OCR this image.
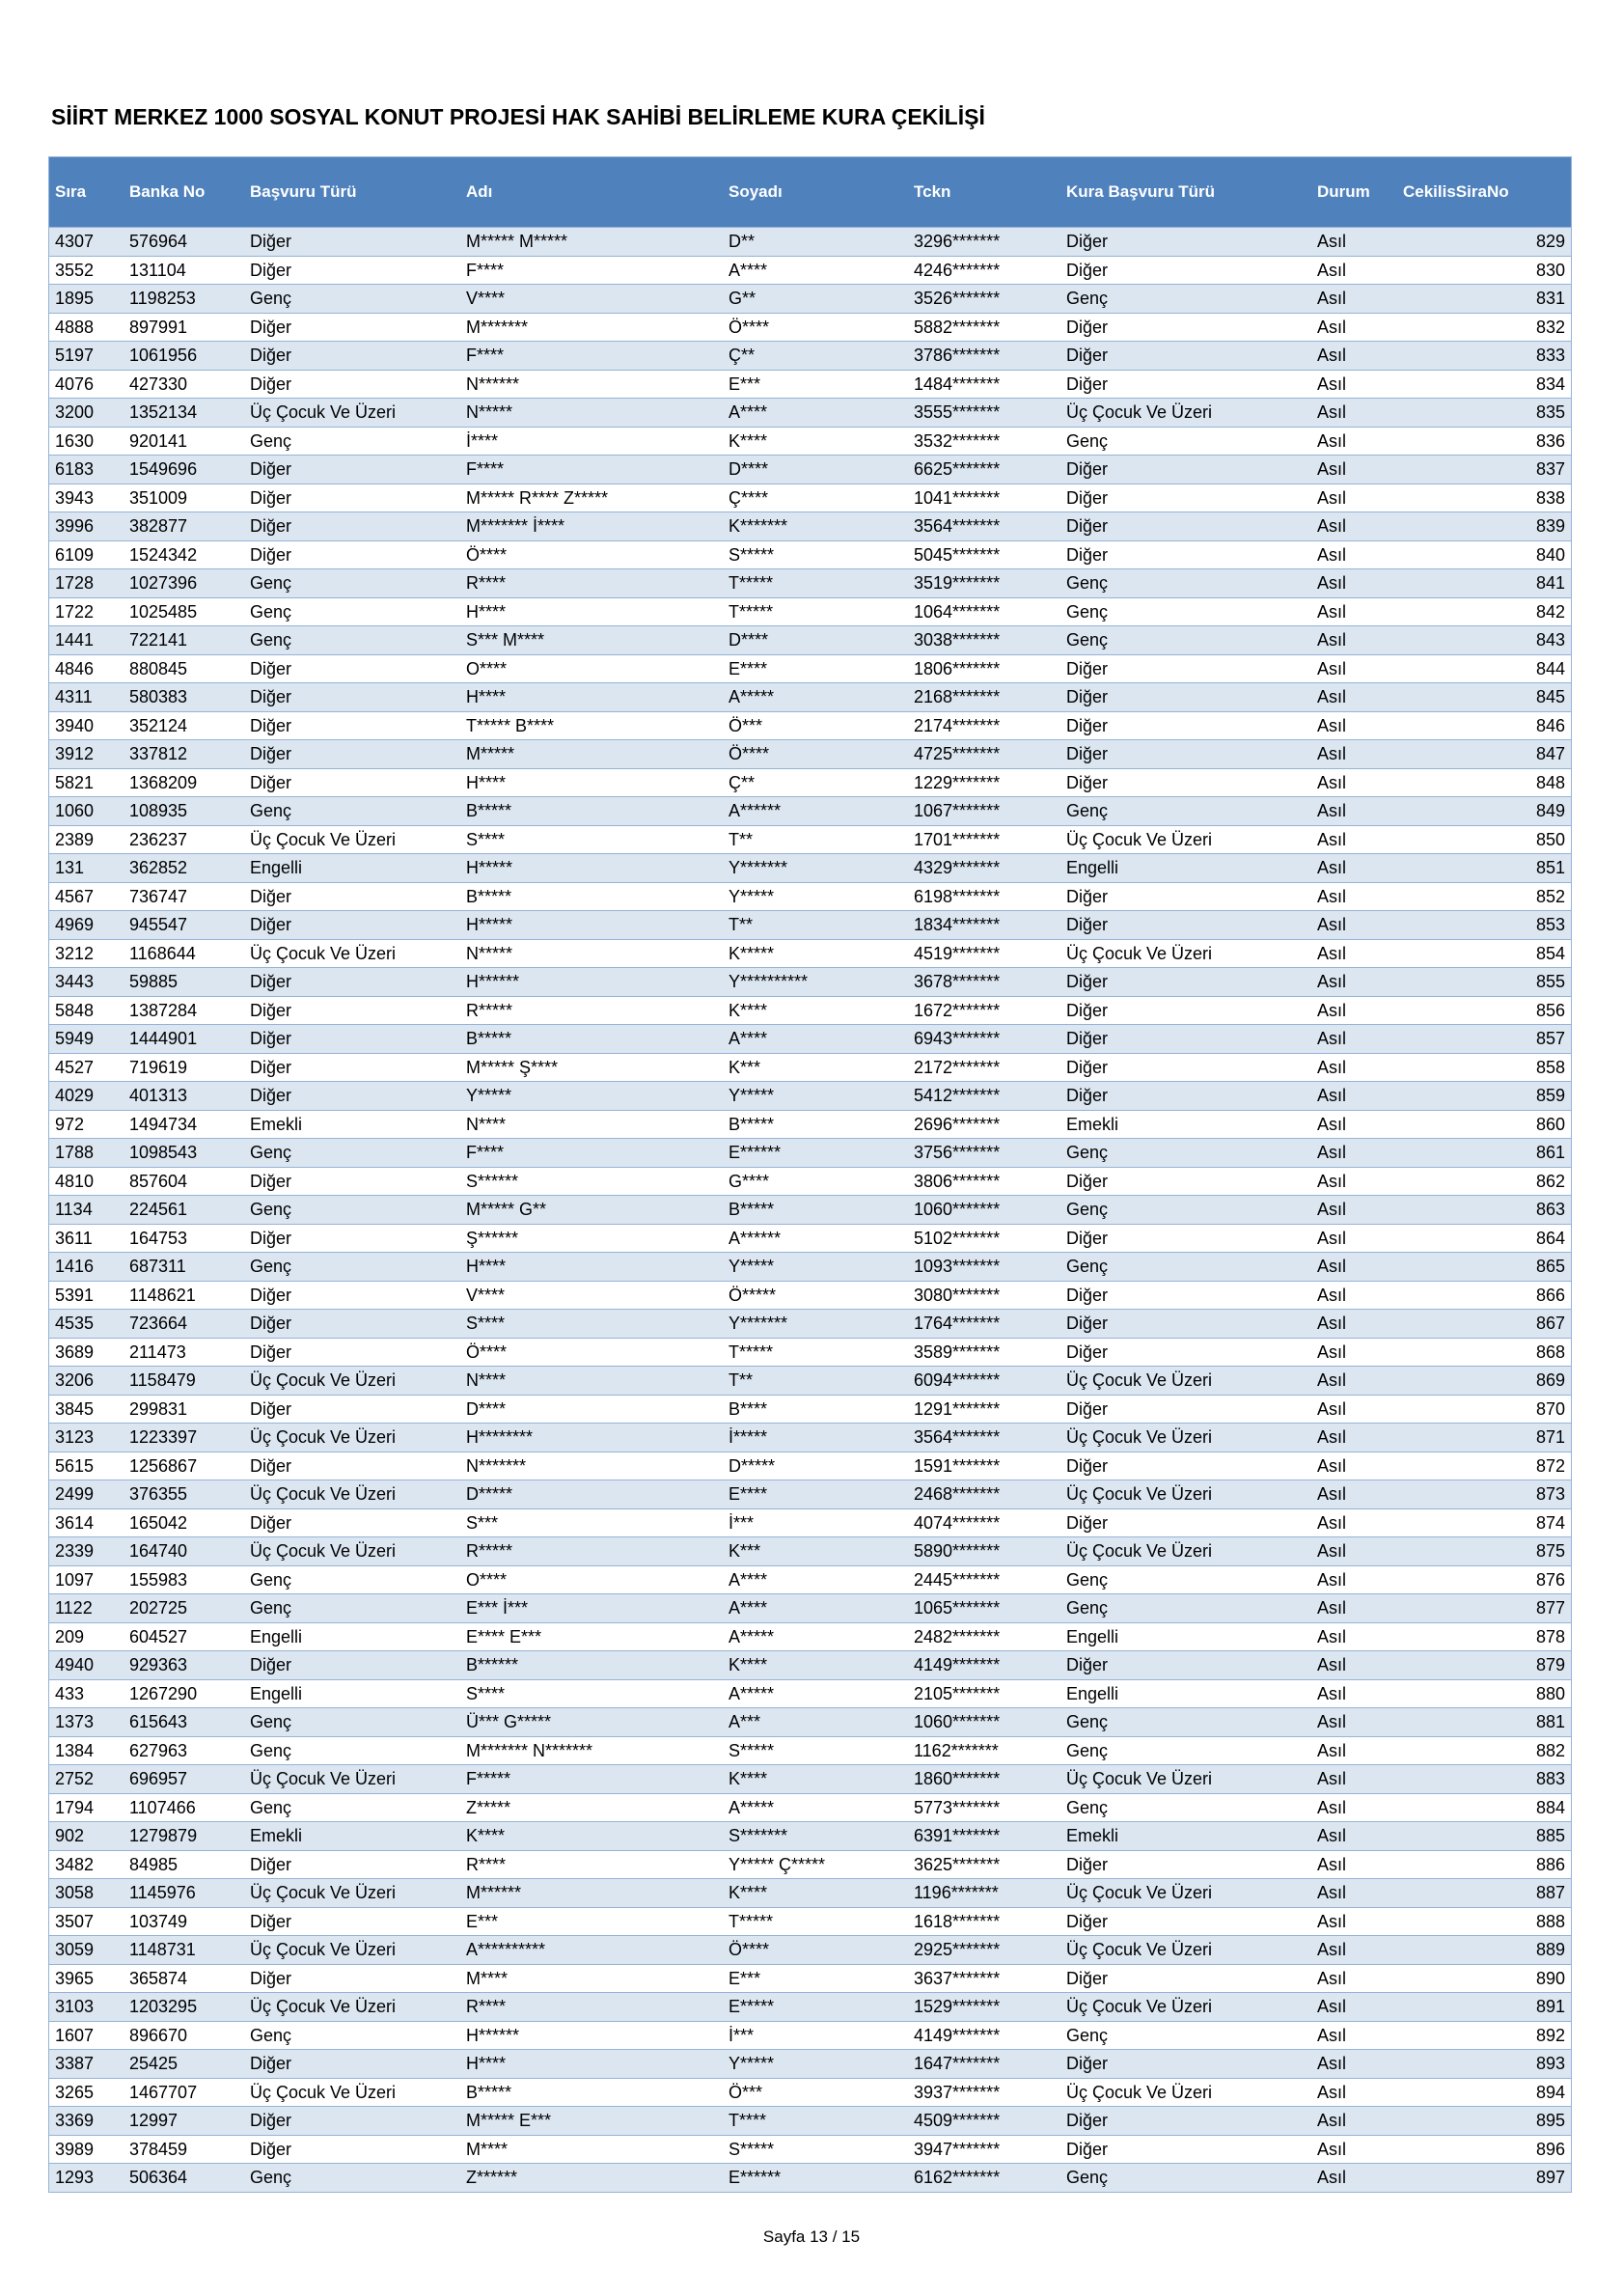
SİİRT MERKEZ 1000 SOSYAL KONUT PROJESİ HAK SAHİBİ BELİRLEME KURA ÇEKİLİŞİ
Sıra	Banka No	Başvuru Türü	Adı	Soyadı	Tckn	Kura Başvuru Türü	Durum	CekilisSiraNo
4307	576964	Diğer	M***** M*****	D**	3296*******	Diğer	Asıl	829
3552	131104	Diğer	F****	A****	4246*******	Diğer	Asıl	830
1895	1198253	Genç	V****	G**	3526*******	Genç	Asıl	831
4888	897991	Diğer	M*******	Ö****	5882*******	Diğer	Asıl	832
5197	1061956	Diğer	F****	Ç**	3786*******	Diğer	Asıl	833
4076	427330	Diğer	N******	E***	1484*******	Diğer	Asıl	834
3200	1352134	Üç Çocuk Ve Üzeri	N*****	A****	3555*******	Üç Çocuk Ve Üzeri	Asıl	835
1630	920141	Genç	İ****	K****	3532*******	Genç	Asıl	836
6183	1549696	Diğer	F****	D****	6625*******	Diğer	Asıl	837
3943	351009	Diğer	M***** R**** Z*****	Ç****	1041*******	Diğer	Asıl	838
3996	382877	Diğer	M******* İ****	K*******	3564*******	Diğer	Asıl	839
6109	1524342	Diğer	Ö****	S*****	5045*******	Diğer	Asıl	840
1728	1027396	Genç	R****	T*****	3519*******	Genç	Asıl	841
1722	1025485	Genç	H****	T*****	1064*******	Genç	Asıl	842
1441	722141	Genç	S*** M****	D****	3038*******	Genç	Asıl	843
4846	880845	Diğer	O****	E****	1806*******	Diğer	Asıl	844
4311	580383	Diğer	H****	A*****	2168*******	Diğer	Asıl	845
3940	352124	Diğer	T***** B****	Ö***	2174*******	Diğer	Asıl	846
3912	337812	Diğer	M*****	Ö****	4725*******	Diğer	Asıl	847
5821	1368209	Diğer	H****	Ç**	1229*******	Diğer	Asıl	848
1060	108935	Genç	B*****	A******	1067*******	Genç	Asıl	849
2389	236237	Üç Çocuk Ve Üzeri	S****	T**	1701*******	Üç Çocuk Ve Üzeri	Asıl	850
131	362852	Engelli	H*****	Y*******	4329*******	Engelli	Asıl	851
4567	736747	Diğer	B*****	Y*****	6198*******	Diğer	Asıl	852
4969	945547	Diğer	H*****	T**	1834*******	Diğer	Asıl	853
3212	1168644	Üç Çocuk Ve Üzeri	N*****	K*****	4519*******	Üç Çocuk Ve Üzeri	Asıl	854
3443	59885	Diğer	H******	Y**********	3678*******	Diğer	Asıl	855
5848	1387284	Diğer	R*****	K****	1672*******	Diğer	Asıl	856
5949	1444901	Diğer	B*****	A****	6943*******	Diğer	Asıl	857
4527	719619	Diğer	M***** Ş****	K***	2172*******	Diğer	Asıl	858
4029	401313	Diğer	Y*****	Y*****	5412*******	Diğer	Asıl	859
972	1494734	Emekli	N****	B*****	2696*******	Emekli	Asıl	860
1788	1098543	Genç	F****	E******	3756*******	Genç	Asıl	861
4810	857604	Diğer	S******	G****	3806*******	Diğer	Asıl	862
1134	224561	Genç	M***** G**	B*****	1060*******	Genç	Asıl	863
3611	164753	Diğer	Ş******	A******	5102*******	Diğer	Asıl	864
1416	687311	Genç	H****	Y*****	1093*******	Genç	Asıl	865
5391	1148621	Diğer	V****	Ö*****	3080*******	Diğer	Asıl	866
4535	723664	Diğer	S****	Y*******	1764*******	Diğer	Asıl	867
3689	211473	Diğer	Ö****	T*****	3589*******	Diğer	Asıl	868
3206	1158479	Üç Çocuk Ve Üzeri	N****	T**	6094*******	Üç Çocuk Ve Üzeri	Asıl	869
3845	299831	Diğer	D****	B****	1291*******	Diğer	Asıl	870
3123	1223397	Üç Çocuk Ve Üzeri	H********	İ*****	3564*******	Üç Çocuk Ve Üzeri	Asıl	871
5615	1256867	Diğer	N*******	D*****	1591*******	Diğer	Asıl	872
2499	376355	Üç Çocuk Ve Üzeri	D*****	E****	2468*******	Üç Çocuk Ve Üzeri	Asıl	873
3614	165042	Diğer	S***	İ***	4074*******	Diğer	Asıl	874
2339	164740	Üç Çocuk Ve Üzeri	R*****	K***	5890*******	Üç Çocuk Ve Üzeri	Asıl	875
1097	155983	Genç	O****	A****	2445*******	Genç	Asıl	876
1122	202725	Genç	E*** İ***	A****	1065*******	Genç	Asıl	877
209	604527	Engelli	E**** E***	A*****	2482*******	Engelli	Asıl	878
4940	929363	Diğer	B******	K****	4149*******	Diğer	Asıl	879
433	1267290	Engelli	S****	A*****	2105*******	Engelli	Asıl	880
1373	615643	Genç	Ü*** G*****	A***	1060*******	Genç	Asıl	881
1384	627963	Genç	M******* N*******	S*****	1162*******	Genç	Asıl	882
2752	696957	Üç Çocuk Ve Üzeri	F*****	K****	1860*******	Üç Çocuk Ve Üzeri	Asıl	883
1794	1107466	Genç	Z*****	A*****	5773*******	Genç	Asıl	884
902	1279879	Emekli	K****	S*******	6391*******	Emekli	Asıl	885
3482	84985	Diğer	R****	Y***** Ç*****	3625*******	Diğer	Asıl	886
3058	1145976	Üç Çocuk Ve Üzeri	M******	K****	1196*******	Üç Çocuk Ve Üzeri	Asıl	887
3507	103749	Diğer	E***	T*****	1618*******	Diğer	Asıl	888
3059	1148731	Üç Çocuk Ve Üzeri	A**********	Ö****	2925*******	Üç Çocuk Ve Üzeri	Asıl	889
3965	365874	Diğer	M****	E***	3637*******	Diğer	Asıl	890
3103	1203295	Üç Çocuk Ve Üzeri	R****	E*****	1529*******	Üç Çocuk Ve Üzeri	Asıl	891
1607	896670	Genç	H******	İ***	4149*******	Genç	Asıl	892
3387	25425	Diğer	H****	Y*****	1647*******	Diğer	Asıl	893
3265	1467707	Üç Çocuk Ve Üzeri	B*****	Ö***	3937*******	Üç Çocuk Ve Üzeri	Asıl	894
3369	12997	Diğer	M***** E***	T****	4509*******	Diğer	Asıl	895
3989	378459	Diğer	M****	S*****	3947*******	Diğer	Asıl	896
1293	506364	Genç	Z******	E******	6162*******	Genç	Asıl	897
Sayfa 13 / 15
